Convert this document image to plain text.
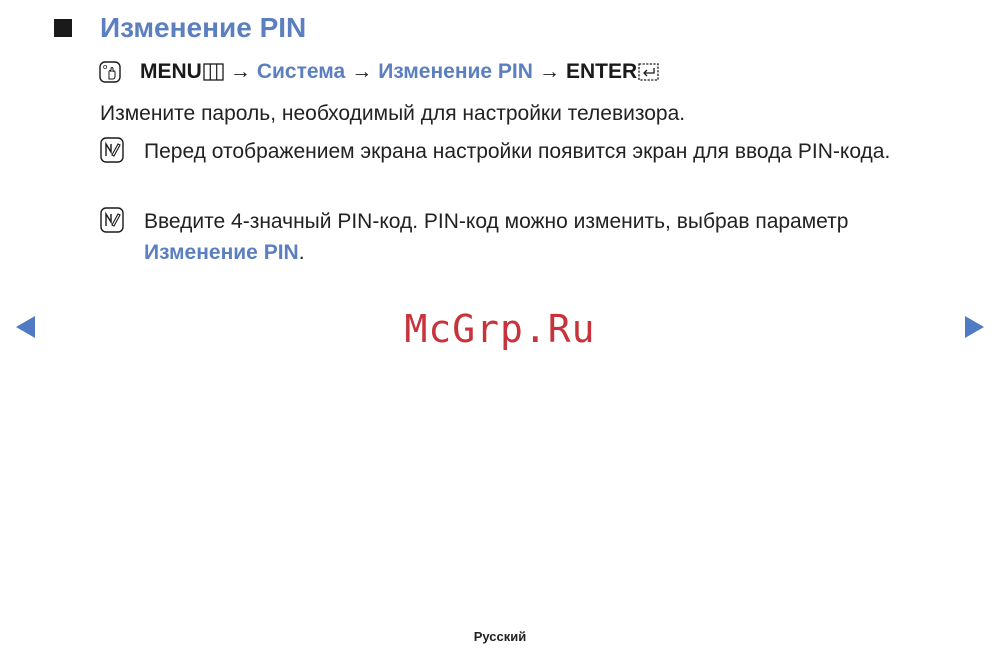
Изменение PIN
O MENU → Система → Изменение PIN → ENTER
Измените пароль, необходимый для настройки телевизора.
Перед отображением экрана настройки появится экран для ввода PIN-кода.
Введите 4-значный PIN-код. PIN-код можно изменить, выбрав параметр Изменение PIN.
McGrp.Ru
Русский
